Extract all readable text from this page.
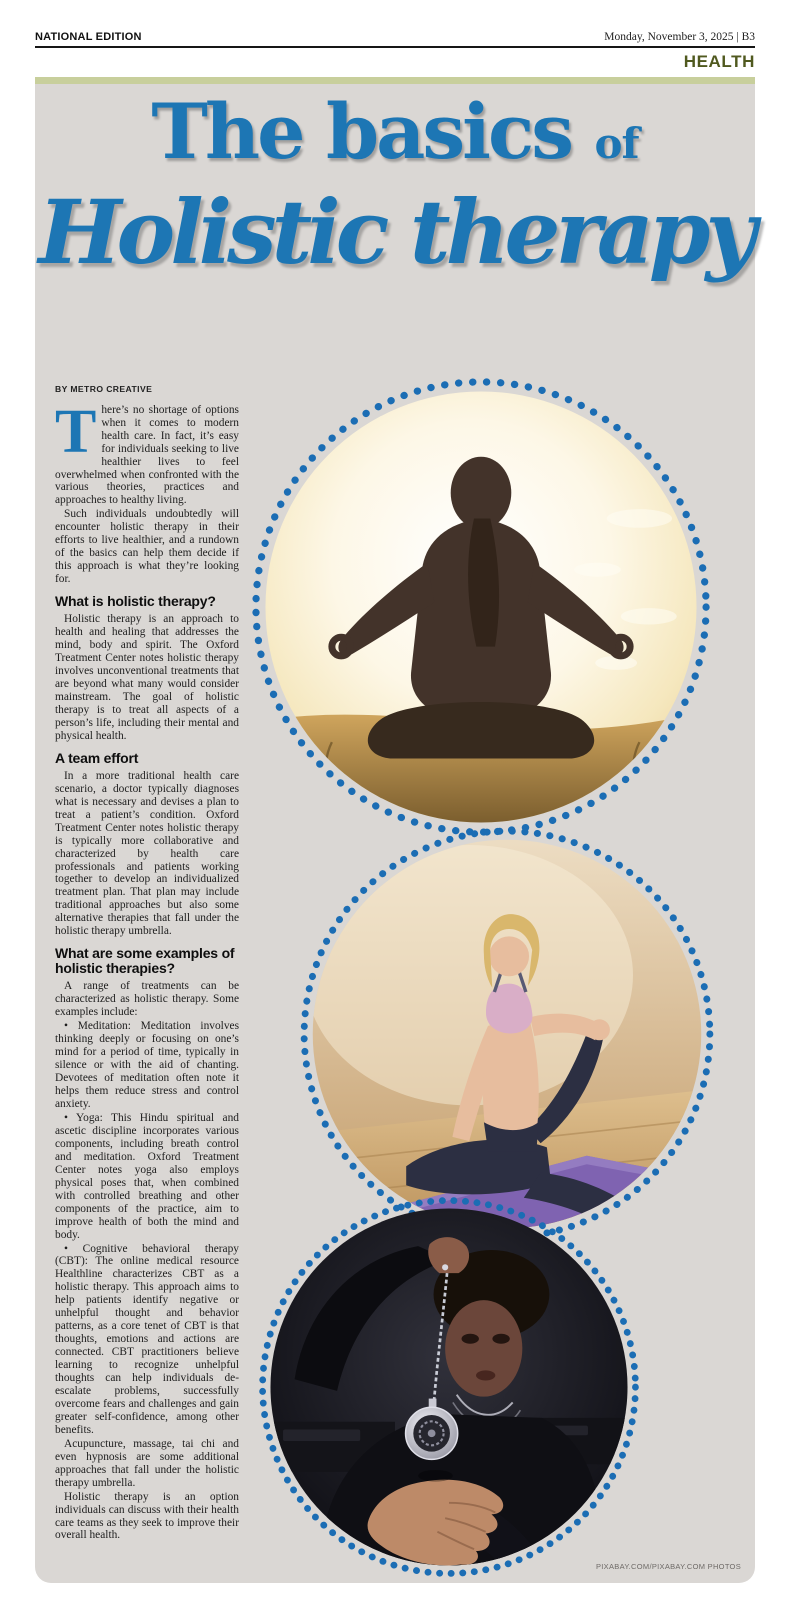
NATIONAL EDITION	Monday, November 3, 2025 | B3
HEALTH
The basics of
Holistic therapy
BY METRO CREATIVE

There’s no shortage of options when it comes to modern health care. In fact, it’s easy for individuals seeking to live healthier lives to feel overwhelmed when confronted with the various theories, practices and approaches to healthy living.

Such individuals undoubtedly will encounter holistic therapy in their efforts to live healthier, and a rundown of the basics can help them decide if this approach is what they’re looking for.

What is holistic therapy?

Holistic therapy is an approach to health and healing that addresses the mind, body and spirit. The Oxford Treatment Center notes holistic therapy involves unconventional treatments that are beyond what many would consider mainstream. The goal of holistic therapy is to treat all aspects of a person’s life, including their mental and physical health.

A team effort

In a more traditional health care scenario, a doctor typically diagnoses what is necessary and devises a plan to treat a patient’s condition. Oxford Treatment Center notes holistic therapy is typically more collaborative and characterized by health care professionals and patients working together to develop an individualized treatment plan. That plan may include traditional approaches but also some alternative therapies that fall under the holistic therapy umbrella.

What are some examples of holistic therapies?

A range of treatments can be characterized as holistic therapy. Some examples include:

• Meditation: Meditation involves thinking deeply or focusing on one’s mind for a period of time, typically in silence or with the aid of chanting. Devotees of meditation often note it helps them reduce stress and control anxiety.

• Yoga: This Hindu spiritual and ascetic discipline incorporates various components, including breath control and meditation. Oxford Treatment Center notes yoga also employs physical poses that, when combined with controlled breathing and other components of the practice, aim to improve health of both the mind and body.

• Cognitive behavioral therapy (CBT): The online medical resource Healthline characterizes CBT as a holistic therapy. This approach aims to help patients identify negative or unhelpful thought and behavior patterns, as a core tenet of CBT is that thoughts, emotions and actions are connected. CBT practitioners believe learning to recognize unhelpful thoughts can help individuals de-escalate problems, successfully overcome fears and challenges and gain greater self-confidence, among other benefits.

Acupuncture, massage, tai chi and even hypnosis are some additional approaches that fall under the holistic therapy umbrella.

Holistic therapy is an option individuals can discuss with their health care teams as they seek to improve their overall health.

PIXABAY.COM/PIXABAY.COM PHOTOS
